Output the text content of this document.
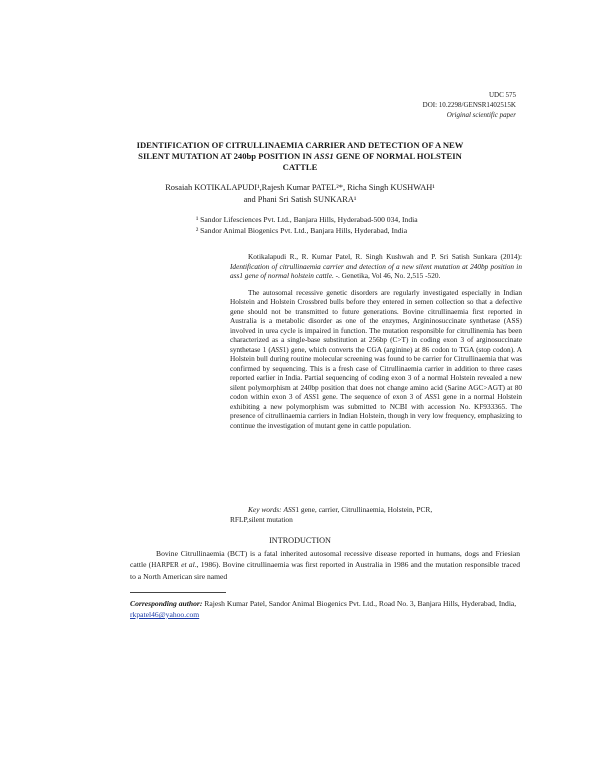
UDC 575
DOI: 10.2298/GENSR1402515K
Original scientific paper
IDENTIFICATION OF CITRULLINAEMIA CARRIER AND DETECTION OF A NEW
SILENT MUTATION AT 240bp POSITION IN ASS1 GENE OF NORMAL HOLSTEIN
CATTLE
Rosaiah KOTIKALAPUDI¹,Rajesh Kumar PATEL²*, Richa Singh KUSHWAH¹
and Phani Sri Satish SUNKARA¹
¹ Sandor Lifesciences Pvt. Ltd., Banjara Hills, Hyderabad-500 034, India
² Sandor Animal Biogenics Pvt. Ltd., Banjara Hills, Hyderabad, India

Kotikalapudi R., R. Kumar Patel, R. Singh Kushwah and P. Sri Satish Sunkara (2014): Identification of citrullinaemia carrier and detection of a new silent mutation at 240bp position in ass1 gene of normal holstein cattle. -. Genetika, Vol 46, No. 2,515 -520.

The autosomal recessive genetic disorders are regularly investigated especially in Indian Holstein and Holstein Crossbred bulls before they entered in semen collection so that a defective gene should not be transmitted to future generations. Bovine citrullinaemia first reported in Australia is a metabolic disorder as one of the enzymes, Argininosuccinate synthetase (ASS) involved in urea cycle is impaired in function. The mutation responsible for citrullinemia has been characterized as a single-base substitution at 256bp (C>T) in coding exon 3 of arginosuccinate synthetase 1 (ASS1) gene, which converts the CGA (arginine) at 86 codon to TGA (stop codon). A Holstein bull during routine molecular screening was found to be carrier for Citrullinaemia that was confirmed by sequencing. This is a fresh case of Citrullinaemia carrier in addition to three cases reported earlier in India. Partial sequencing of coding exon 3 of a normal Holstein revealed a new silent polymorphism at 240bp position that does not change amino acid (Sarine AGC>AGT) at 80 codon within exon 3 of ASS1 gene. The sequence of exon 3 of ASS1 gene in a normal Holstein exhibiting a new polymorphism was submitted to NCBI with accession No. KF933365. The presence of citrullinaemia carriers in Indian Holstein, though in very low frequency, emphasizing to continue the investigation of mutant gene in cattle population.

Key words: ASS1 gene, carrier, Citrullinaemia, Holstein, PCR,

RFLP,silent mutation

INTRODUCTION

Bovine Citrullinaemia (BCT) is a fatal inherited autosomal recessive disease reported in humans, dogs and Friesian cattle (HARPER et al., 1986). Bovine citrullinaemia was first reported in Australia in 1986 and the mutation responsible traced to a North American sire named

Corresponding author: Rajesh Kumar Patel, Sandor Animal Biogenics Pvt. Ltd., Road No. 3, Banjara Hills, Hyderabad, India, rkpatel46@yahoo.com
